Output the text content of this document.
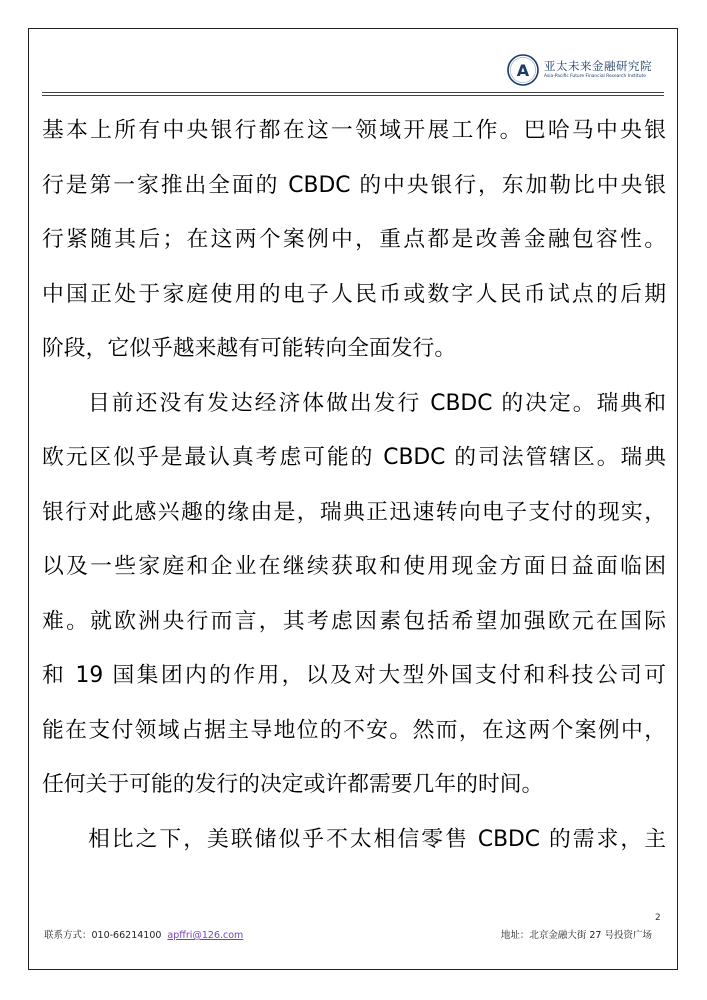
A 亚太未来金融研究院
Asia-Pacific Future Financial Research Institute

基本上所有中央银行都在这一领域开展工作。巴哈马中央银

行是第一家推出全面的 CBDC 的中央银行，东加勒比中央银

行紧随其后；在这两个案例中，重点都是改善金融包容性。

中国正处于家庭使用的电子人民币或数字人民币试点的后期

阶段，它似乎越来越有可能转向全面发行。

目前还没有发达经济体做出发行 CBDC 的决定。瑞典和

欧元区似乎是最认真考虑可能的 CBDC 的司法管辖区。瑞典

银行对此感兴趣的缘由是，瑞典正迅速转向电子支付的现实，

以及一些家庭和企业在继续获取和使用现金方面日益面临困

难。就欧洲央行而言，其考虑因素包括希望加强欧元在国际

和 19 国集团内的作用，以及对大型外国支付和科技公司可

能在支付领域占据主导地位的不安。然而，在这两个案例中，

任何关于可能的发行的决定或许都需要几年的时间。

相比之下，美联储似乎不太相信零售 CBDC 的需求，主

2
联系方式：010-66214100 apffri@126.com	地址：北京金融大街 27 号投资广场
